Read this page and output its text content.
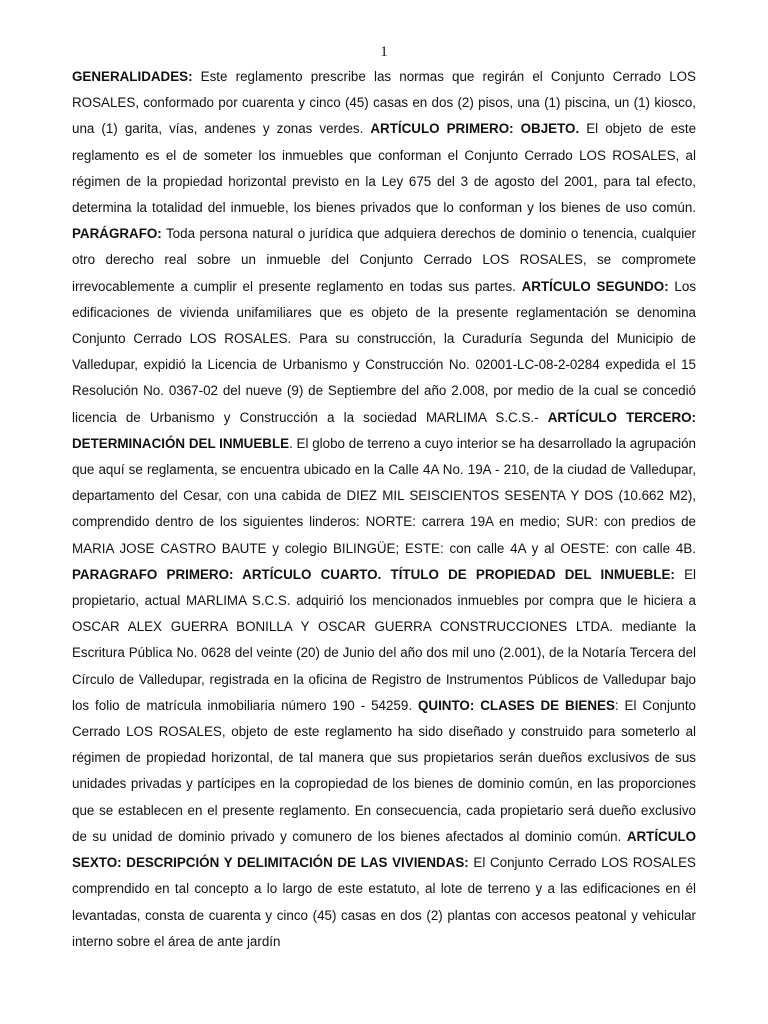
1

GENERALIDADES: Este reglamento prescribe las normas que regirán el Conjunto Cerrado LOS ROSALES, conformado por cuarenta y cinco (45) casas en dos (2) pisos, una (1) piscina, un (1) kiosco, una (1) garita, vías, andenes y zonas verdes. ARTÍCULO PRIMERO: OBJETO. El objeto de este reglamento es el de someter los inmuebles que conforman el Conjunto Cerrado LOS ROSALES, al régimen de la propiedad horizontal previsto en la Ley 675 del 3 de agosto del 2001, para tal efecto, determina la totalidad del inmueble, los bienes privados que lo conforman y los bienes de uso común. PARÁGRAFO: Toda persona natural o jurídica que adquiera derechos de dominio o tenencia, cualquier otro derecho real sobre un inmueble del Conjunto Cerrado LOS ROSALES, se compromete irrevocablemente a cumplir el presente reglamento en todas sus partes. ARTÍCULO SEGUNDO: Los edificaciones de vivienda unifamiliares que es objeto de la presente reglamentación se denomina Conjunto Cerrado LOS ROSALES. Para su construcción, la Curaduría Segunda del Municipio de Valledupar, expidió la Licencia de Urbanismo y Construcción No. 02001-LC-08-2-0284 expedida el 15 Resolución No. 0367-02 del nueve (9) de Septiembre del año 2.008, por medio de la cual se concedió licencia de Urbanismo y Construcción a la sociedad MARLIMA S.C.S.- ARTÍCULO TERCERO: DETERMINACIÓN DEL INMUEBLE. El globo de terreno a cuyo interior se ha desarrollado la agrupación que aquí se reglamenta, se encuentra ubicado en la Calle 4A No. 19A - 210, de la ciudad de Valledupar, departamento del Cesar, con una cabida de DIEZ MIL SEISCIENTOS SESENTA Y DOS (10.662 M2), comprendido dentro de los siguientes linderos: NORTE: carrera 19A en medio; SUR: con predios de MARIA JOSE CASTRO BAUTE y colegio BILINGÜE; ESTE: con calle 4A y al OESTE: con calle 4B. PARAGRAFO PRIMERO: ARTÍCULO CUARTO. TÍTULO DE PROPIEDAD DEL INMUEBLE: El propietario, actual MARLIMA S.C.S. adquirió los mencionados inmuebles por compra que le hiciera a OSCAR ALEX GUERRA BONILLA Y OSCAR GUERRA CONSTRUCCIONES LTDA. mediante la Escritura Pública No. 0628 del veinte (20) de Junio del año dos mil uno (2.001), de la Notaría Tercera del Círculo de Valledupar, registrada en la oficina de Registro de Instrumentos Públicos de Valledupar bajo los folio de matrícula inmobiliaria número 190 - 54259. QUINTO: CLASES DE BIENES: El Conjunto Cerrado LOS ROSALES, objeto de este reglamento ha sido diseñado y construido para someterlo al régimen de propiedad horizontal, de tal manera que sus propietarios serán dueños exclusivos de sus unidades privadas y partícipes en la copropiedad de los bienes de dominio común, en las proporciones que se establecen en el presente reglamento. En consecuencia, cada propietario será dueño exclusivo de su unidad de dominio privado y comunero de los bienes afectados al dominio común. ARTÍCULO SEXTO: DESCRIPCIÓN Y DELIMITACIÓN DE LAS VIVIENDAS: El Conjunto Cerrado LOS ROSALES comprendido en tal concepto a lo largo de este estatuto, al lote de terreno y a las edificaciones en él levantadas, consta de cuarenta y cinco (45) casas en dos (2) plantas con accesos peatonal y vehicular interno sobre el área de ante jardín
